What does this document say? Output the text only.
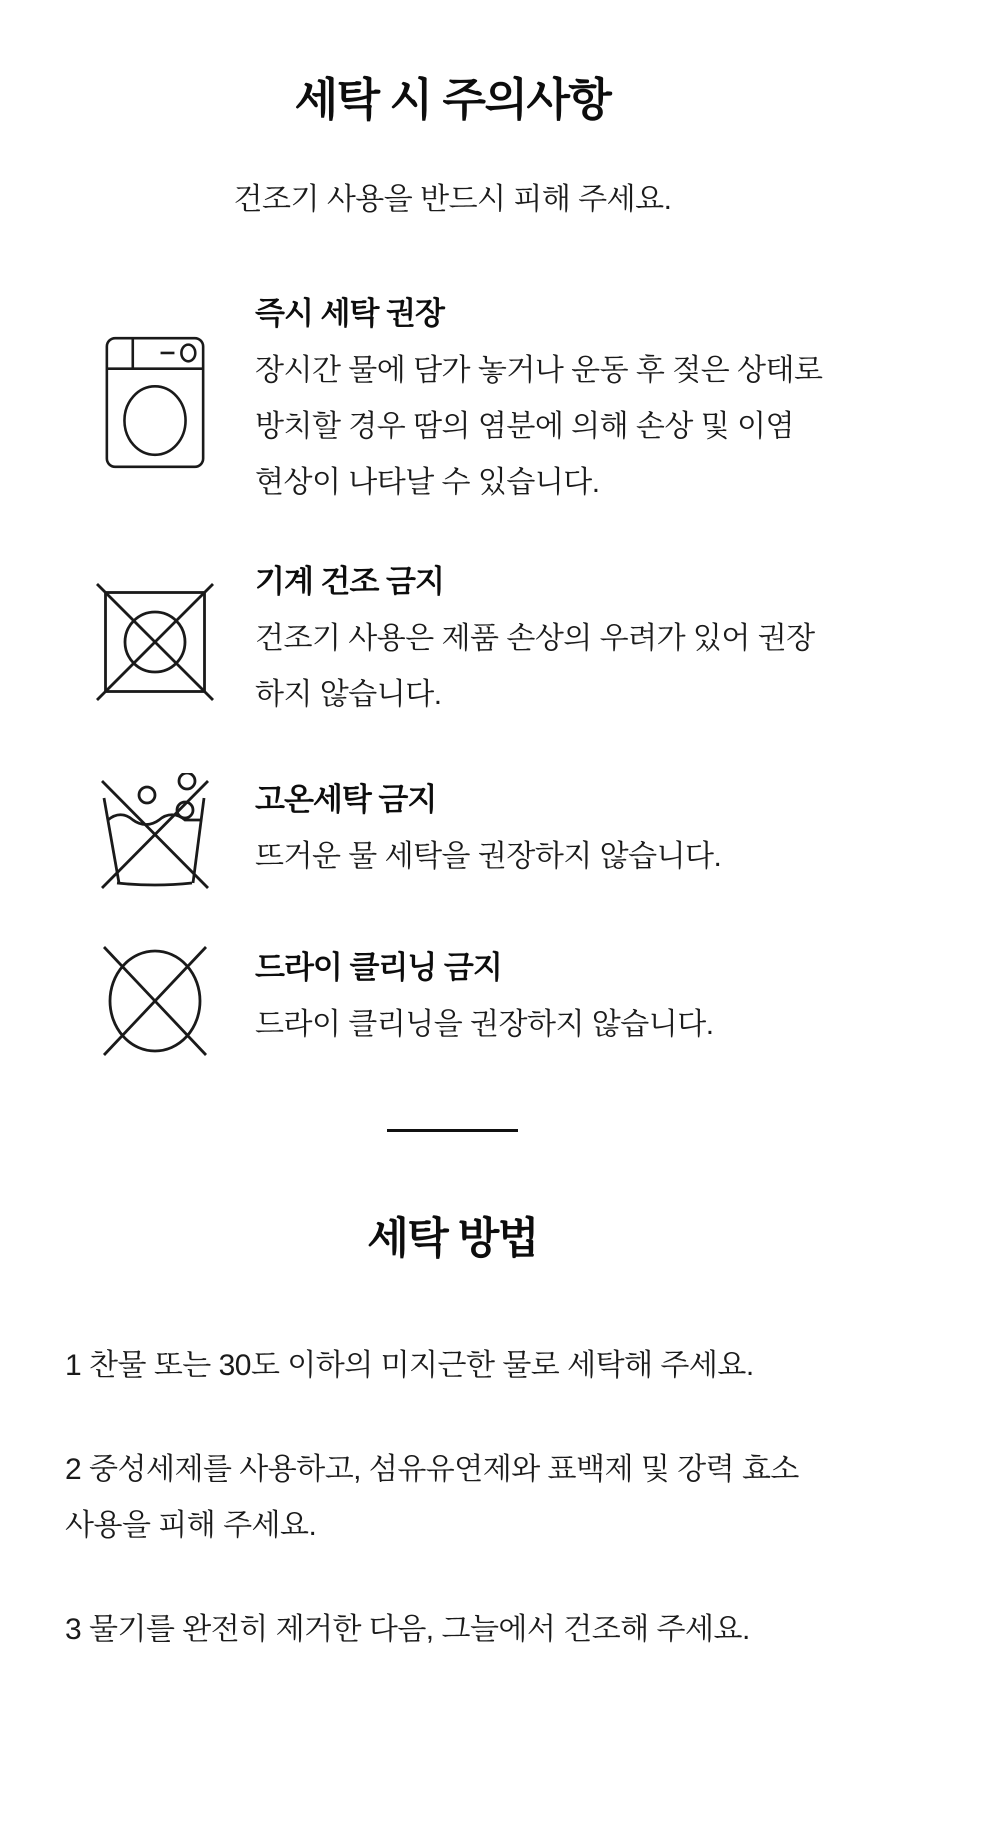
세탁 시 주의사항
건조기 사용을 반드시 피해 주세요.
즉시 세탁 권장
장시간 물에 담가 놓거나 운동 후 젖은 상태로
방치할 경우 땀의 염분에 의해 손상 및 이염
현상이 나타날 수 있습니다.
기계 건조 금지
건조기 사용은 제품 손상의 우려가 있어 권장
하지 않습니다.
고온세탁 금지
뜨거운 물 세탁을 권장하지 않습니다.
드라이 클리닝 금지
드라이 클리닝을 권장하지 않습니다.
세탁 방법
1 찬물 또는 30도 이하의 미지근한 물로 세탁해 주세요.
2 중성세제를 사용하고, 섬유유연제와 표백제 및 강력 효소
사용을 피해 주세요.
3 물기를 완전히 제거한 다음, 그늘에서 건조해 주세요.
